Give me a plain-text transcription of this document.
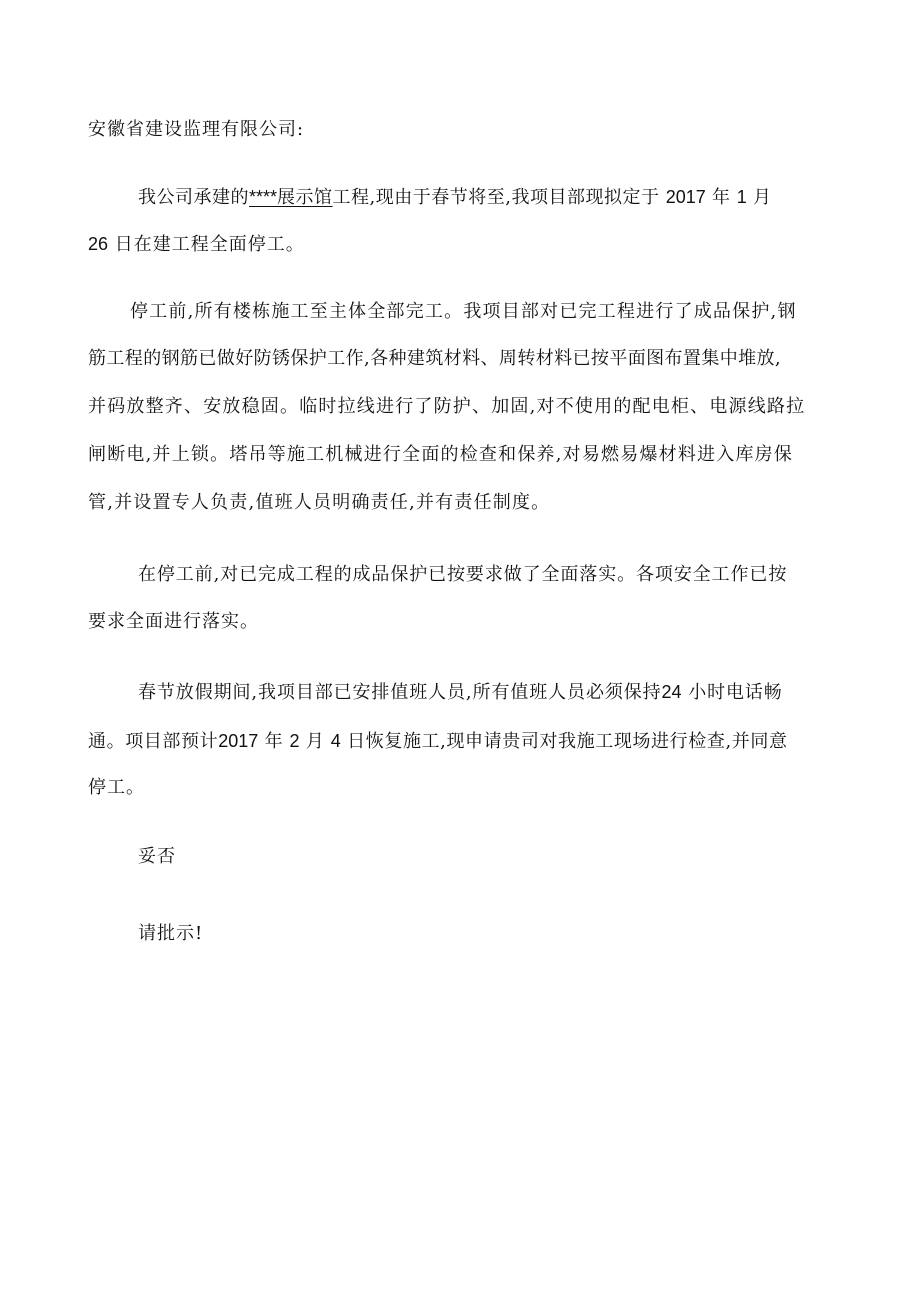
安徽省建设监理有限公司:
我公司承建的****展示馆工程,现由于春节将至,我项目部现拟定于 2017 年 1 月
26 日在建工程全面停工。
停工前,所有楼栋施工至主体全部完工。我项目部对已完工程进行了成品保护,钢
筋工程的钢筋已做好防锈保护工作,各种建筑材料、周转材料已按平面图布置集中堆放,
并码放整齐、安放稳固。临时拉线进行了防护、加固,对不使用的配电柜、电源线路拉
闸断电,并上锁。塔吊等施工机械进行全面的检查和保养,对易燃易爆材料进入库房保
管,并设置专人负责,值班人员明确责任,并有责任制度。
在停工前,对已完成工程的成品保护已按要求做了全面落实。各项安全工作已按
要求全面进行落实。
春节放假期间,我项目部已安排值班人员,所有值班人员必须保持24 小时电话畅
通。项目部预计2017 年 2 月 4 日恢复施工,现申请贵司对我施工现场进行检查,并同意
停工。
妥否
请批示!
